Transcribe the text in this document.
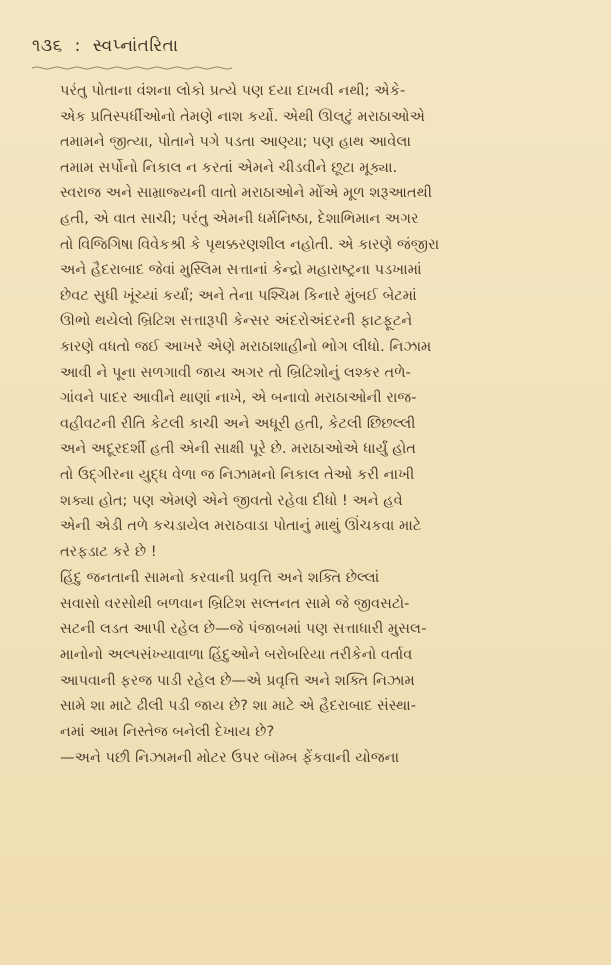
૧૩૬ : સ્વપ્નાંતરિતા

પરંતુ પોતાના વંશના લોકો પ્રત્યે પણ દયા દાખવી નથી; એકે-
એક પ્રતિસ્પર્ધીઓનો તેમણે નાશ કર્યો. એથી ઊલટું મરાઠાઓએ
તમામને જીત્યા, પોતાને પગે પડતા આણ્યા; પણ હાથ આવેલા
તમામ સર્પોનો નિકાલ ન કરતાં એમને ચીડવીને છૂટા મૂક્યા.
સ્વરાજ અને સામ્રાજ્યની વાતો મરાઠાઓને મોઁએ મૂળ શરૂઆતથી
હતી, એ વાત સાચી; પરંતુ એમની ધર્મનિષ્ઠા, દેશાભિમાન અગર
તો વિજિગિષા વિવેકશ્રી કે પૃથક્કરણશીલ નહોતી. એ કારણે જંજીરા
અને હૈદરાબાદ જેવાં મુસ્લિમ સત્તાનાં કેન્દ્રો મહારાષ્ટ્રના પડખામાં
છેવટ સુધી ખૂંચ્યાં કર્યાં; અને તેના પશ્ચિમ કિનારે મુંબઈ બેટમાં
ઊભો થયેલો બ્રિટિશ સત્તારૂપી કેન્સર અંદરોઅંદરની ફાટફૂટને
કારણે વધતો જઈ આખરે એણે મરાઠાશાહીનો ભોગ લીધો. નિઝામ
આવી ને પૂના સળગાવી જાય અગર તો બ્રિટિશોનું લશ્કર તળે-
ગાંવને પાદર આવીને થાણાં નાખે, એ બનાવો મરાઠાઓની રાજ-
વહીવટની રીતિ કેટલી કાચી અને અધૂરી હતી, કેટલી છિછલ્લી
અને અદૂરદર્શી હતી એની સાક્ષી પૂરે છે. મરાઠાઓએ ધાર્યું હોત
તો ઉદ્ગીરના યુદ્ધ વેળા જ નિઝામનો નિકાલ તેઓ કરી નાખી
શક્યા હોત; પણ એમણે એને જીવતો રહેવા દીધો ! અને હવે
એની એડી તળે કચડાયેલ મરાઠવાડા પોતાનું માથું ઊંચકવા માટે
તરફડાટ કરે છે !

હિંદુ જનતાની સામનો કરવાની પ્રવૃત્તિ અને શક્તિ છેલ્લાં
સવાસો વરસોથી બળવાન બ્રિટિશ સલ્તનત સામે જે જીવસટો-
સટની લડત આપી રહેલ છે—જે પંજાબમાં પણ સત્તાધારી મુસલ-
માનોનો અલ્પસંખ્યાવાળા હિંદુઓને બરોબરિયા તરીકેનો વર્તાવ
આપવાની ફરજ પાડી રહેલ છે—એ પ્રવૃત્તિ અને શક્તિ નિઝામ
સામે શા માટે ઢીલી પડી જાય છે? શા માટે એ હૈદરાબાદ સંસ્થા-
નમાં આમ નિસ્તેજ બનેલી દેખાય છે?

—અને પછી નિઝામની મોટર ઉપર બૉમ્બ ફેંકવાની યોજના
